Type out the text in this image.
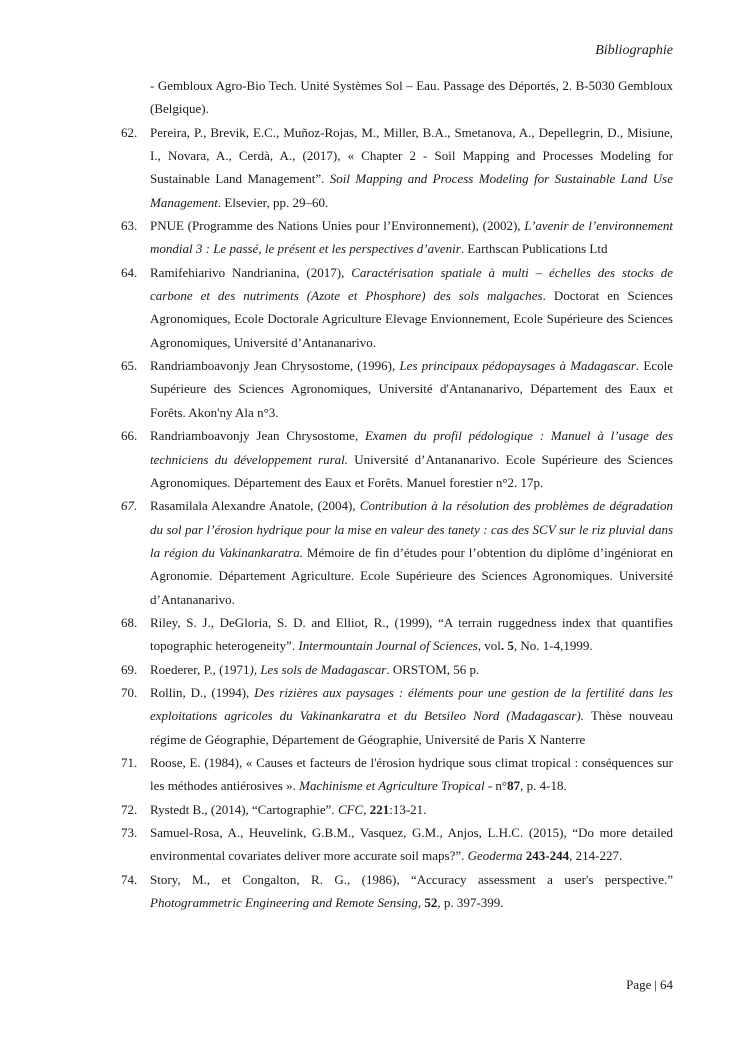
Bibliographie

- Gembloux Agro-Bio Tech. Unité Systèmes Sol – Eau. Passage des Déportés, 2. B-5030 Gembloux (Belgique).

62. Pereira, P., Brevik, E.C., Muñoz-Rojas, M., Miller, B.A., Smetanova, A., Depellegrin, D., Misiune, I., Novara, A., Cerdà, A., (2017), « Chapter 2 - Soil Mapping and Processes Modeling for Sustainable Land Management”. Soil Mapping and Process Modeling for Sustainable Land Use Management. Elsevier, pp. 29–60.

63. PNUE (Programme des Nations Unies pour l’Environnement), (2002), L’avenir de l’environnement mondial 3 : Le passé, le présent et les perspectives d’avenir. Earthscan Publications Ltd

64. Ramifehiarivo Nandrianina, (2017), Caractérisation spatiale à multi – échelles des stocks de carbone et des nutriments (Azote et Phosphore) des sols malgaches. Doctorat en Sciences Agronomiques, Ecole Doctorale Agriculture Elevage Envionnement, Ecole Supérieure des Sciences Agronomiques, Université d’Antananarivo.

65. Randriamboavonjy Jean Chrysostome, (1996), Les principaux pédopaysages à Madagascar. Ecole Supérieure des Sciences Agronomiques, Université d'Antananarivo, Département des Eaux et Forêts. Akon'ny Ala n°3.

66. Randriamboavonjy Jean Chrysostome, Examen du profil pédologique : Manuel à l’usage des techniciens du développement rural. Université d’Antananarivo. Ecole Supérieure des Sciences Agronomiques. Département des Eaux et Forêts. Manuel forestier n°2. 17p.

67. Rasamilala Alexandre Anatole, (2004), Contribution à la résolution des problèmes de dégradation du sol par l’érosion hydrique pour la mise en valeur des tanety : cas des SCV sur le riz pluvial dans la région du Vakinankaratra. Mémoire de fin d’études pour l’obtention du diplôme d’ingéniorat en Agronomie. Département Agriculture. Ecole Supérieure des Sciences Agronomiques. Université d’Antananarivo.

68. Riley, S. J., DeGloria, S. D. and Elliot, R., (1999), “A terrain ruggedness index that quantifies topographic heterogeneity”. Intermountain Journal of Sciences, vol. 5, No. 1-4,1999.

69. Roederer, P., (1971), Les sols de Madagascar. ORSTOM, 56 p.

70. Rollin, D., (1994), Des rizières aux paysages : éléments pour une gestion de la fertilité dans les exploitations agricoles du Vakinankaratra et du Betsileo Nord (Madagascar). Thèse nouveau régime de Géographie, Département de Géographie, Université de Paris X Nanterre

71. Roose, E. (1984), « Causes et facteurs de l'érosion hydrique sous climat tropical : conséquences sur les méthodes antiérosives ». Machinisme et Agriculture Tropical - n°87, p. 4-18.

72. Rystedt B., (2014), “Cartographie”. CFC, 221:13-21.

73. Samuel-Rosa, A., Heuvelink, G.B.M., Vasquez, G.M., Anjos, L.H.C. (2015), “Do more detailed environmental covariates deliver more accurate soil maps?”. Geoderma 243-244, 214-227.

74. Story, M., et Congalton, R. G., (1986), “Accuracy assessment a user's perspective.” Photogrammetric Engineering and Remote Sensing, 52, p. 397-399.

Page | 64
